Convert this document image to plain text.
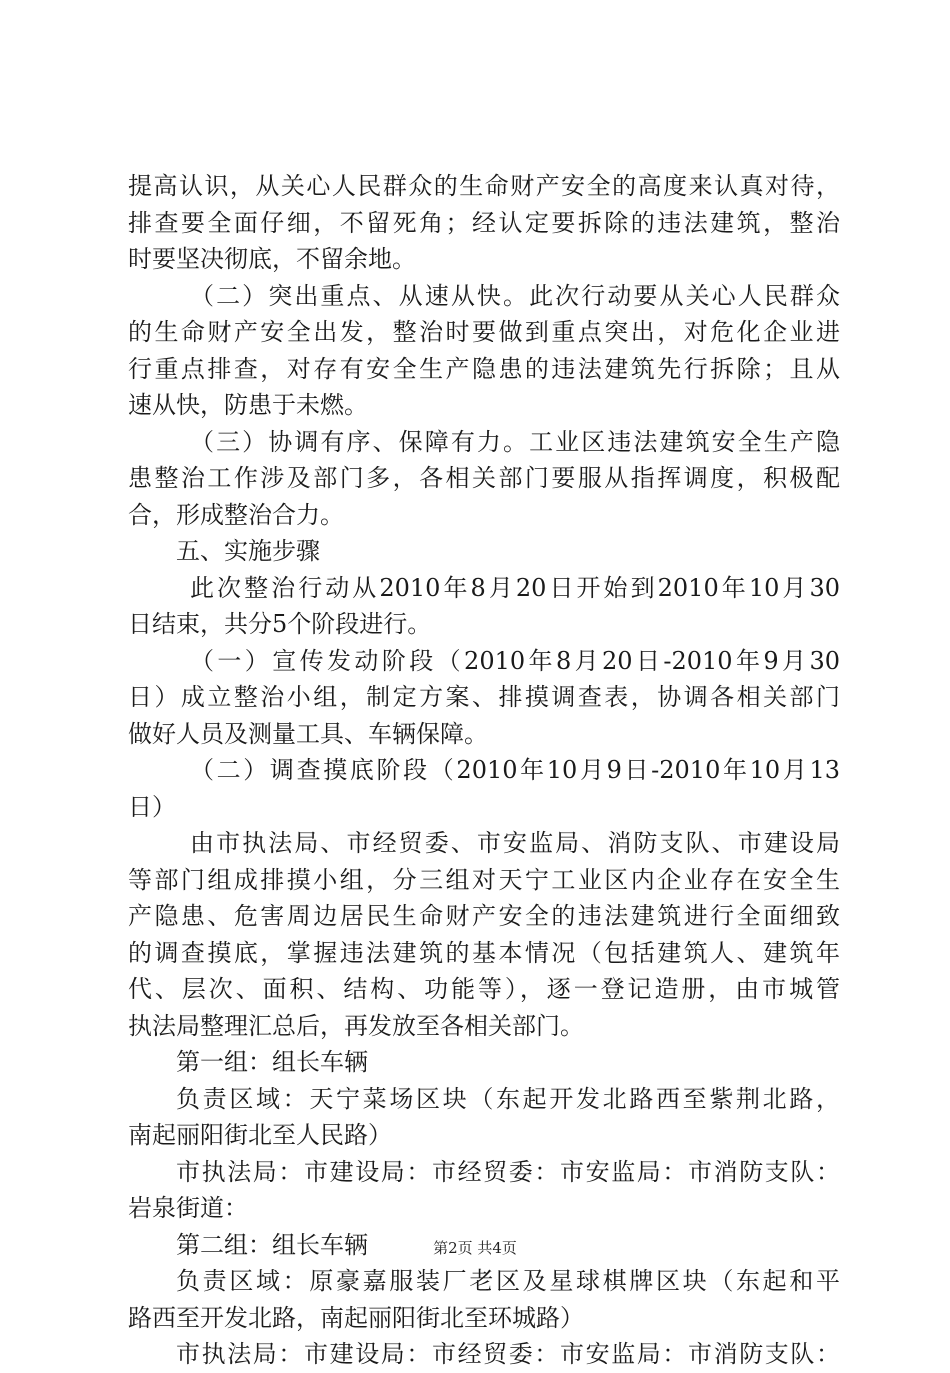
提高认识，从关心人民群众的生命财产安全的高度来认真对待，
排查要全面仔细，不留死角；经认定要拆除的违法建筑，整治
时要坚决彻底，不留余地。
（二）突出重点、从速从快。此次行动要从关心人民群众
的生命财产安全出发，整治时要做到重点突出，对危化企业进
行重点排查，对存有安全生产隐患的违法建筑先行拆除；且从
速从快，防患于未燃。
（三）协调有序、保障有力。工业区违法建筑安全生产隐
患整治工作涉及部门多，各相关部门要服从指挥调度，积极配
合，形成整治合力。
五、实施步骤
此次整治行动从2010年8月20日开始到2010年10月30
日结束，共分5个阶段进行。
（一）宣传发动阶段（2010年8月20日-2010年9月30
日）成立整治小组，制定方案、排摸调查表，协调各相关部门
做好人员及测量工具、车辆保障。
（二）调查摸底阶段（2010年10月9日-2010年10月13
日）
由市执法局、市经贸委、市安监局、消防支队、市建设局
等部门组成排摸小组，分三组对天宁工业区内企业存在安全生
产隐患、危害周边居民生命财产安全的违法建筑进行全面细致
的调查摸底，掌握违法建筑的基本情况（包括建筑人、建筑年
代、层次、面积、结构、功能等），逐一登记造册，由市城管
执法局整理汇总后，再发放至各相关部门。
第一组：组长车辆
负责区域：天宁菜场区块（东起开发北路西至紫荆北路，
南起丽阳街北至人民路）
市执法局：市建设局：市经贸委：市安监局：市消防支队：
岩泉街道：
第二组：组长车辆
负责区域：原豪嘉服装厂老区及星球棋牌区块（东起和平
路西至开发北路，南起丽阳街北至环城路）
市执法局：市建设局：市经贸委：市安监局：市消防支队：
第2页 共4页
